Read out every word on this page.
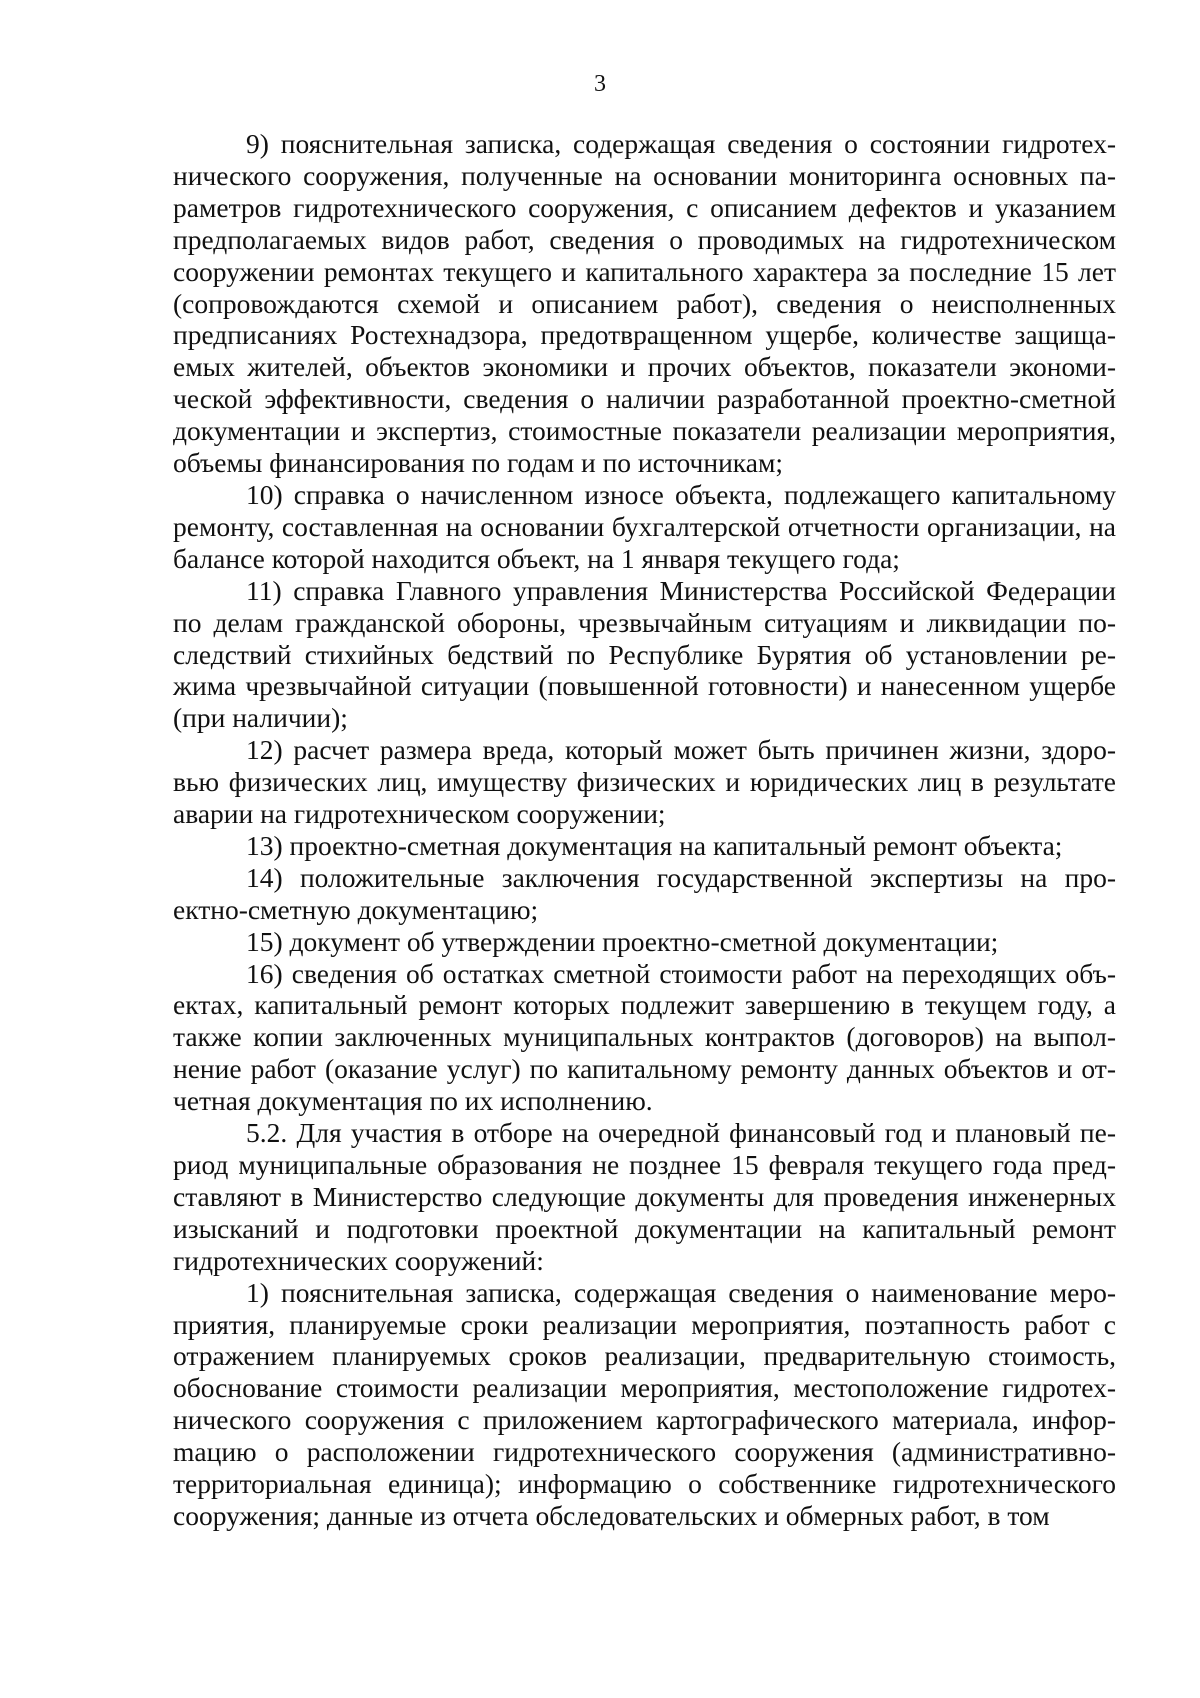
3

9) пояснительная записка, содержащая сведения о состоянии гидротехнического сооружения, полученные на основании мониторинга основных параметров гидротехнического сооружения, с описанием дефектов и указанием предполагаемых видов работ, сведения о проводимых на гидротехническом сооружении ремонтах текущего и капитального характера за последние 15 лет (сопровождаются схемой и описанием работ), сведения о неисполненных предписаниях Ростехнадзора, предотвращенном ущербе, количестве защищаемых жителей, объектов экономики и прочих объектов, показатели экономической эффективности, сведения о наличии разработанной проектно-сметной документации и экспертиз, стоимостные показатели реализации мероприятия, объемы финансирования по годам и по источникам;

10) справка о начисленном износе объекта, подлежащего капитальному ремонту, составленная на основании бухгалтерской отчетности организации, на балансе которой находится объект, на 1 января текущего года;

11) справка Главного управления Министерства Российской Федерации по делам гражданской обороны, чрезвычайным ситуациям и ликвидации последствий стихийных бедствий по Республике Бурятия об установлении режима чрезвычайной ситуации (повышенной готовности) и нанесенном ущербе (при наличии);

12) расчет размера вреда, который может быть причинен жизни, здоровью физических лиц, имуществу физических и юридических лиц в результате аварии на гидротехническом сооружении;

13) проектно-сметная документация на капитальный ремонт объекта;

14) положительные заключения государственной экспертизы на проектно-сметную документацию;

15) документ об утверждении проектно-сметной документации;

16) сведения об остатках сметной стоимости работ на переходящих объектах, капитальный ремонт которых подлежит завершению в текущем году, а также копии заключенных муниципальных контрактов (договоров) на выполнение работ (оказание услуг) по капитальному ремонту данных объектов и отчетная документация по их исполнению.

5.2. Для участия в отборе на очередной финансовый год и плановый период муниципальные образования не позднее 15 февраля текущего года представляют в Министерство следующие документы для проведения инженерных изысканий и подготовки проектной документации на капитальный ремонт гидротехнических сооружений:

1) пояснительная записка, содержащая сведения о наименование мероприятия, планируемые сроки реализации мероприятия, поэтапность работ с отражением планируемых сроков реализации, предварительную стоимость, обоснование стоимости реализации мероприятия, местоположение гидротехнического сооружения с приложением картографического материала, инфорmацию о расположении гидротехнического сооружения (административно-территориальная единица); информацию о собственнике гидротехнического сооружения; данные из отчета обследовательских и обмерных работ, в том
